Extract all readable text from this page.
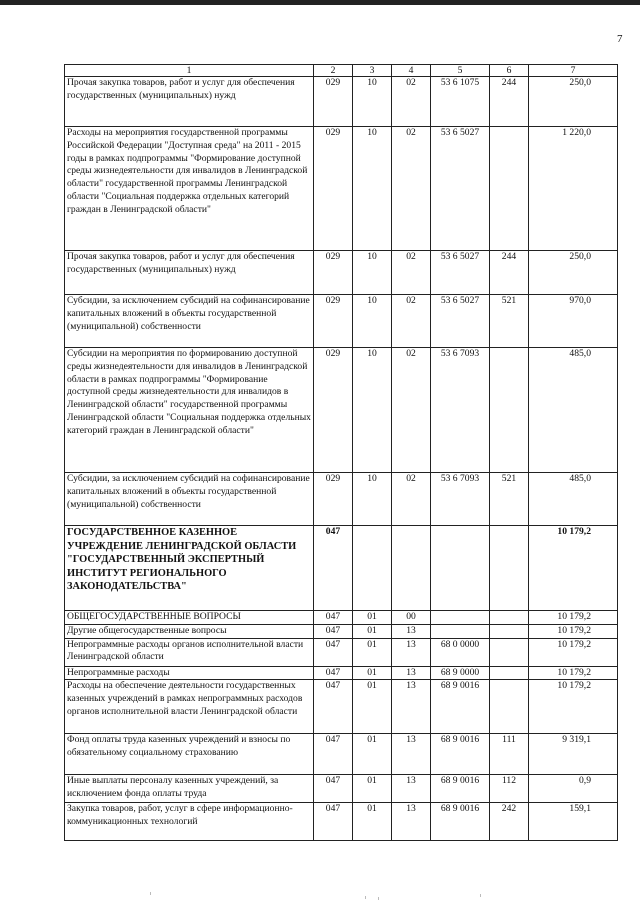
7
1	2	3	4	5	6	7
Прочая закупка товаров, работ и услуг для обеспечения государственных (муниципальных) нужд	029	10	02	53 6 1075	244	250,0
Расходы на мероприятия государственной программы Российской Федерации "Доступная среда" на 2011 - 2015 годы в рамках подпрограммы "Формирование доступной среды жизнедеятельности для инвалидов в Ленинградской области" государственной программы Ленинградской области "Социальная поддержка отдельных категорий граждан в Ленинградской области"	029	10	02	53 6 5027		1 220,0
Прочая закупка товаров, работ и услуг для обеспечения государственных (муниципальных) нужд	029	10	02	53 6 5027	244	250,0
Субсидии, за исключением субсидий на софинансирование капитальных вложений в объекты государственной (муниципальной) собственности	029	10	02	53 6 5027	521	970,0
Субсидии на мероприятия по формированию доступной среды жизнедеятельности для инвалидов в Ленинградской области в рамках подпрограммы "Формирование доступной среды жизнедеятельности для инвалидов в Ленинградской области" государственной программы Ленинградской области "Социальная поддержка отдельных категорий граждан в Ленинградской области"	029	10	02	53 6 7093		485,0
Субсидии, за исключением субсидий на софинансирование капитальных вложений в объекты государственной (муниципальной) собственности	029	10	02	53 6 7093	521	485,0
ГОСУДАРСТВЕННОЕ КАЗЕННОЕ УЧРЕЖДЕНИЕ ЛЕНИНГРАДСКОЙ ОБЛАСТИ "ГОСУДАРСТВЕННЫЙ ЭКСПЕРТНЫЙ ИНСТИТУТ РЕГИОНАЛЬНОГО ЗАКОНОДАТЕЛЬСТВА"	047					10 179,2
ОБЩЕГОСУДАРСТВЕННЫЕ ВОПРОСЫ	047	01	00			10 179,2
Другие общегосударственные вопросы	047	01	13			10 179,2
Непрограммные расходы органов исполнительной власти Ленинградской области	047	01	13	68 0 0000		10 179,2
Непрограммные расходы	047	01	13	68 9 0000		10 179,2
Расходы на обеспечение деятельности государственных казенных учреждений в рамках непрограммных расходов органов исполнительной власти Ленинградской области	047	01	13	68 9 0016		10 179,2
Фонд оплаты труда казенных учреждений и взносы по обязательному социальному страхованию	047	01	13	68 9 0016	111	9 319,1
Иные выплаты персоналу казенных учреждений, за исключением фонда оплаты труда	047	01	13	68 9 0016	112	0,9
Закупка товаров, работ, услуг в сфере информационно-коммуникационных технологий	047	01	13	68 9 0016	242	159,1
